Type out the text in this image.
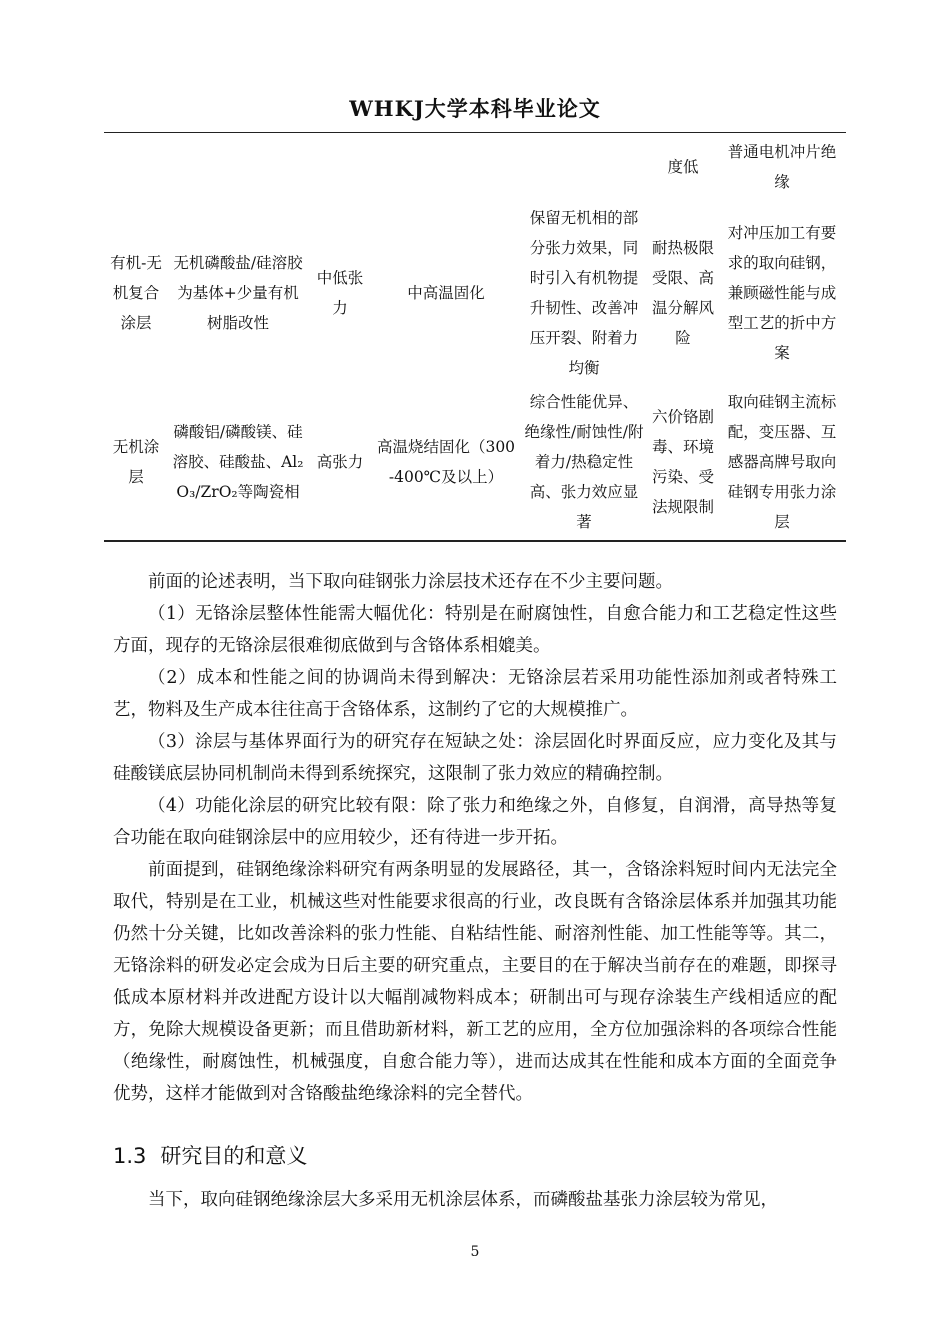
WHKJ大学本科毕业论文
					度低	普通电机冲片绝缘
有机-无机复合涂层	无机磷酸盐/硅溶胶为基体+少量有机树脂改性	中低张力	中高温固化	保留无机相的部分张力效果，同时引入有机物提升韧性、改善冲压开裂、附着力均衡	耐热极限受限、高温分解风险	对冲压加工有要求的取向硅钢，兼顾磁性能与成型工艺的折中方案
无机涂层	磷酸铝/磷酸镁、硅溶胶、硅酸盐、Al₂O₃/ZrO₂等陶瓷相	高张力	高温烧结固化（300-400℃及以上）	综合性能优异、绝缘性/耐蚀性/附着力/热稳定性高、张力效应显著	六价铬剧毒、环境污染、受法规限制	取向硅钢主流标配，变压器、互感器高牌号取向硅钢专用张力涂层

前面的论述表明，当下取向硅钢张力涂层技术还存在不少主要问题。

（1）无铬涂层整体性能需大幅优化：特别是在耐腐蚀性，自愈合能力和工艺稳定性这些方面，现存的无铬涂层很难彻底做到与含铬体系相媲美。

（2）成本和性能之间的协调尚未得到解决：无铬涂层若采用功能性添加剂或者特殊工艺，物料及生产成本往往高于含铬体系，这制约了它的大规模推广。

（3）涂层与基体界面行为的研究存在短缺之处：涂层固化时界面反应，应力变化及其与硅酸镁底层协同机制尚未得到系统探究，这限制了张力效应的精确控制。

（4）功能化涂层的研究比较有限：除了张力和绝缘之外，自修复，自润滑，高导热等复合功能在取向硅钢涂层中的应用较少，还有待进一步开拓。

前面提到，硅钢绝缘涂料研究有两条明显的发展路径，其一，含铬涂料短时间内无法完全取代，特别是在工业，机械这些对性能要求很高的行业，改良既有含铬涂层体系并加强其功能仍然十分关键，比如改善涂料的张力性能、自粘结性能、耐溶剂性能、加工性能等等。其二，无铬涂料的研发必定会成为日后主要的研究重点，主要目的在于解决当前存在的难题，即探寻低成本原材料并改进配方设计以大幅削减物料成本；研制出可与现存涂装生产线相适应的配方，免除大规模设备更新；而且借助新材料，新工艺的应用，全方位加强涂料的各项综合性能（绝缘性，耐腐蚀性，机械强度，自愈合能力等），进而达成其在性能和成本方面的全面竞争优势，这样才能做到对含铬酸盐绝缘涂料的完全替代。

1.3 研究目的和意义
当下，取向硅钢绝缘涂层大多采用无机涂层体系，而磷酸盐基张力涂层较为常见，
5
